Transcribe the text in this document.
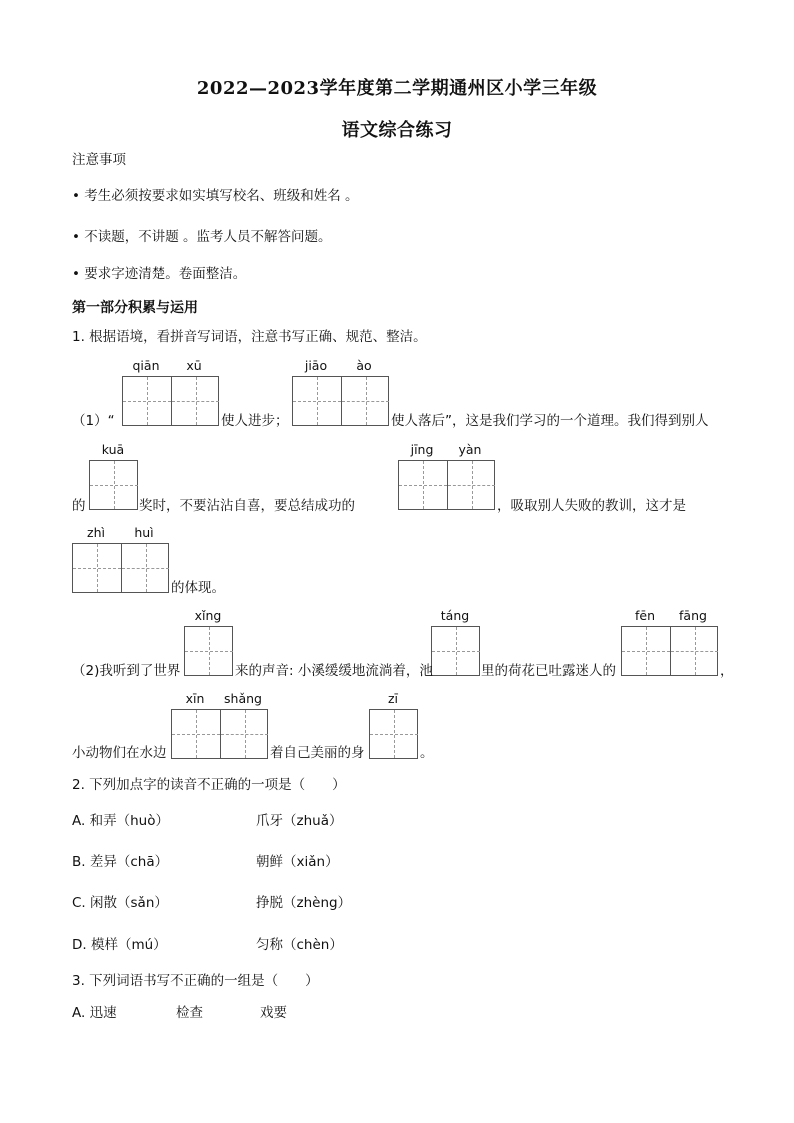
2022—2023学年度第二学期通州区小学三年级
语文综合练习
注意事项
• 考生必须按要求如实填写校名、班级和姓名 。
• 不读题，不讲题 。监考人员不解答问题。
• 要求字迹清楚。卷面整洁。
第一部分积累与运用
1. 根据语境，看拼音写词语，注意书写正确、规范、整洁。
qiān	xū	jiāo	ào
（1）“	使人进步；	使人落后”，这是我们学习的一个道理。我们得到别人
kuā	jīng	yàn
的	奖时，不要沾沾自喜，要总结成功的	，吸取别人失败的教训，这才是
zhì	huì
的体现。
xǐng	táng	fēn	fāng
（2)我听到了世界	来的声音: 小溪缓缓地流淌着，池	里的荷花已吐露迷人的	，
xīn	shǎng	zī
小动物们在水边	着自己美丽的身	。
2. 下列加点字的读音不正确的一项是（　　）
A. 和弄（huò）	爪牙（zhuǎ）
B. 差异（chā）	朝鲜（xiǎn）
C. 闲散（sǎn）	挣脱（zhèng）
D. 模样（mú）	匀称（chèn）
3. 下列词语书写不正确的一组是（　　）
A. 迅速	检查	戏要
